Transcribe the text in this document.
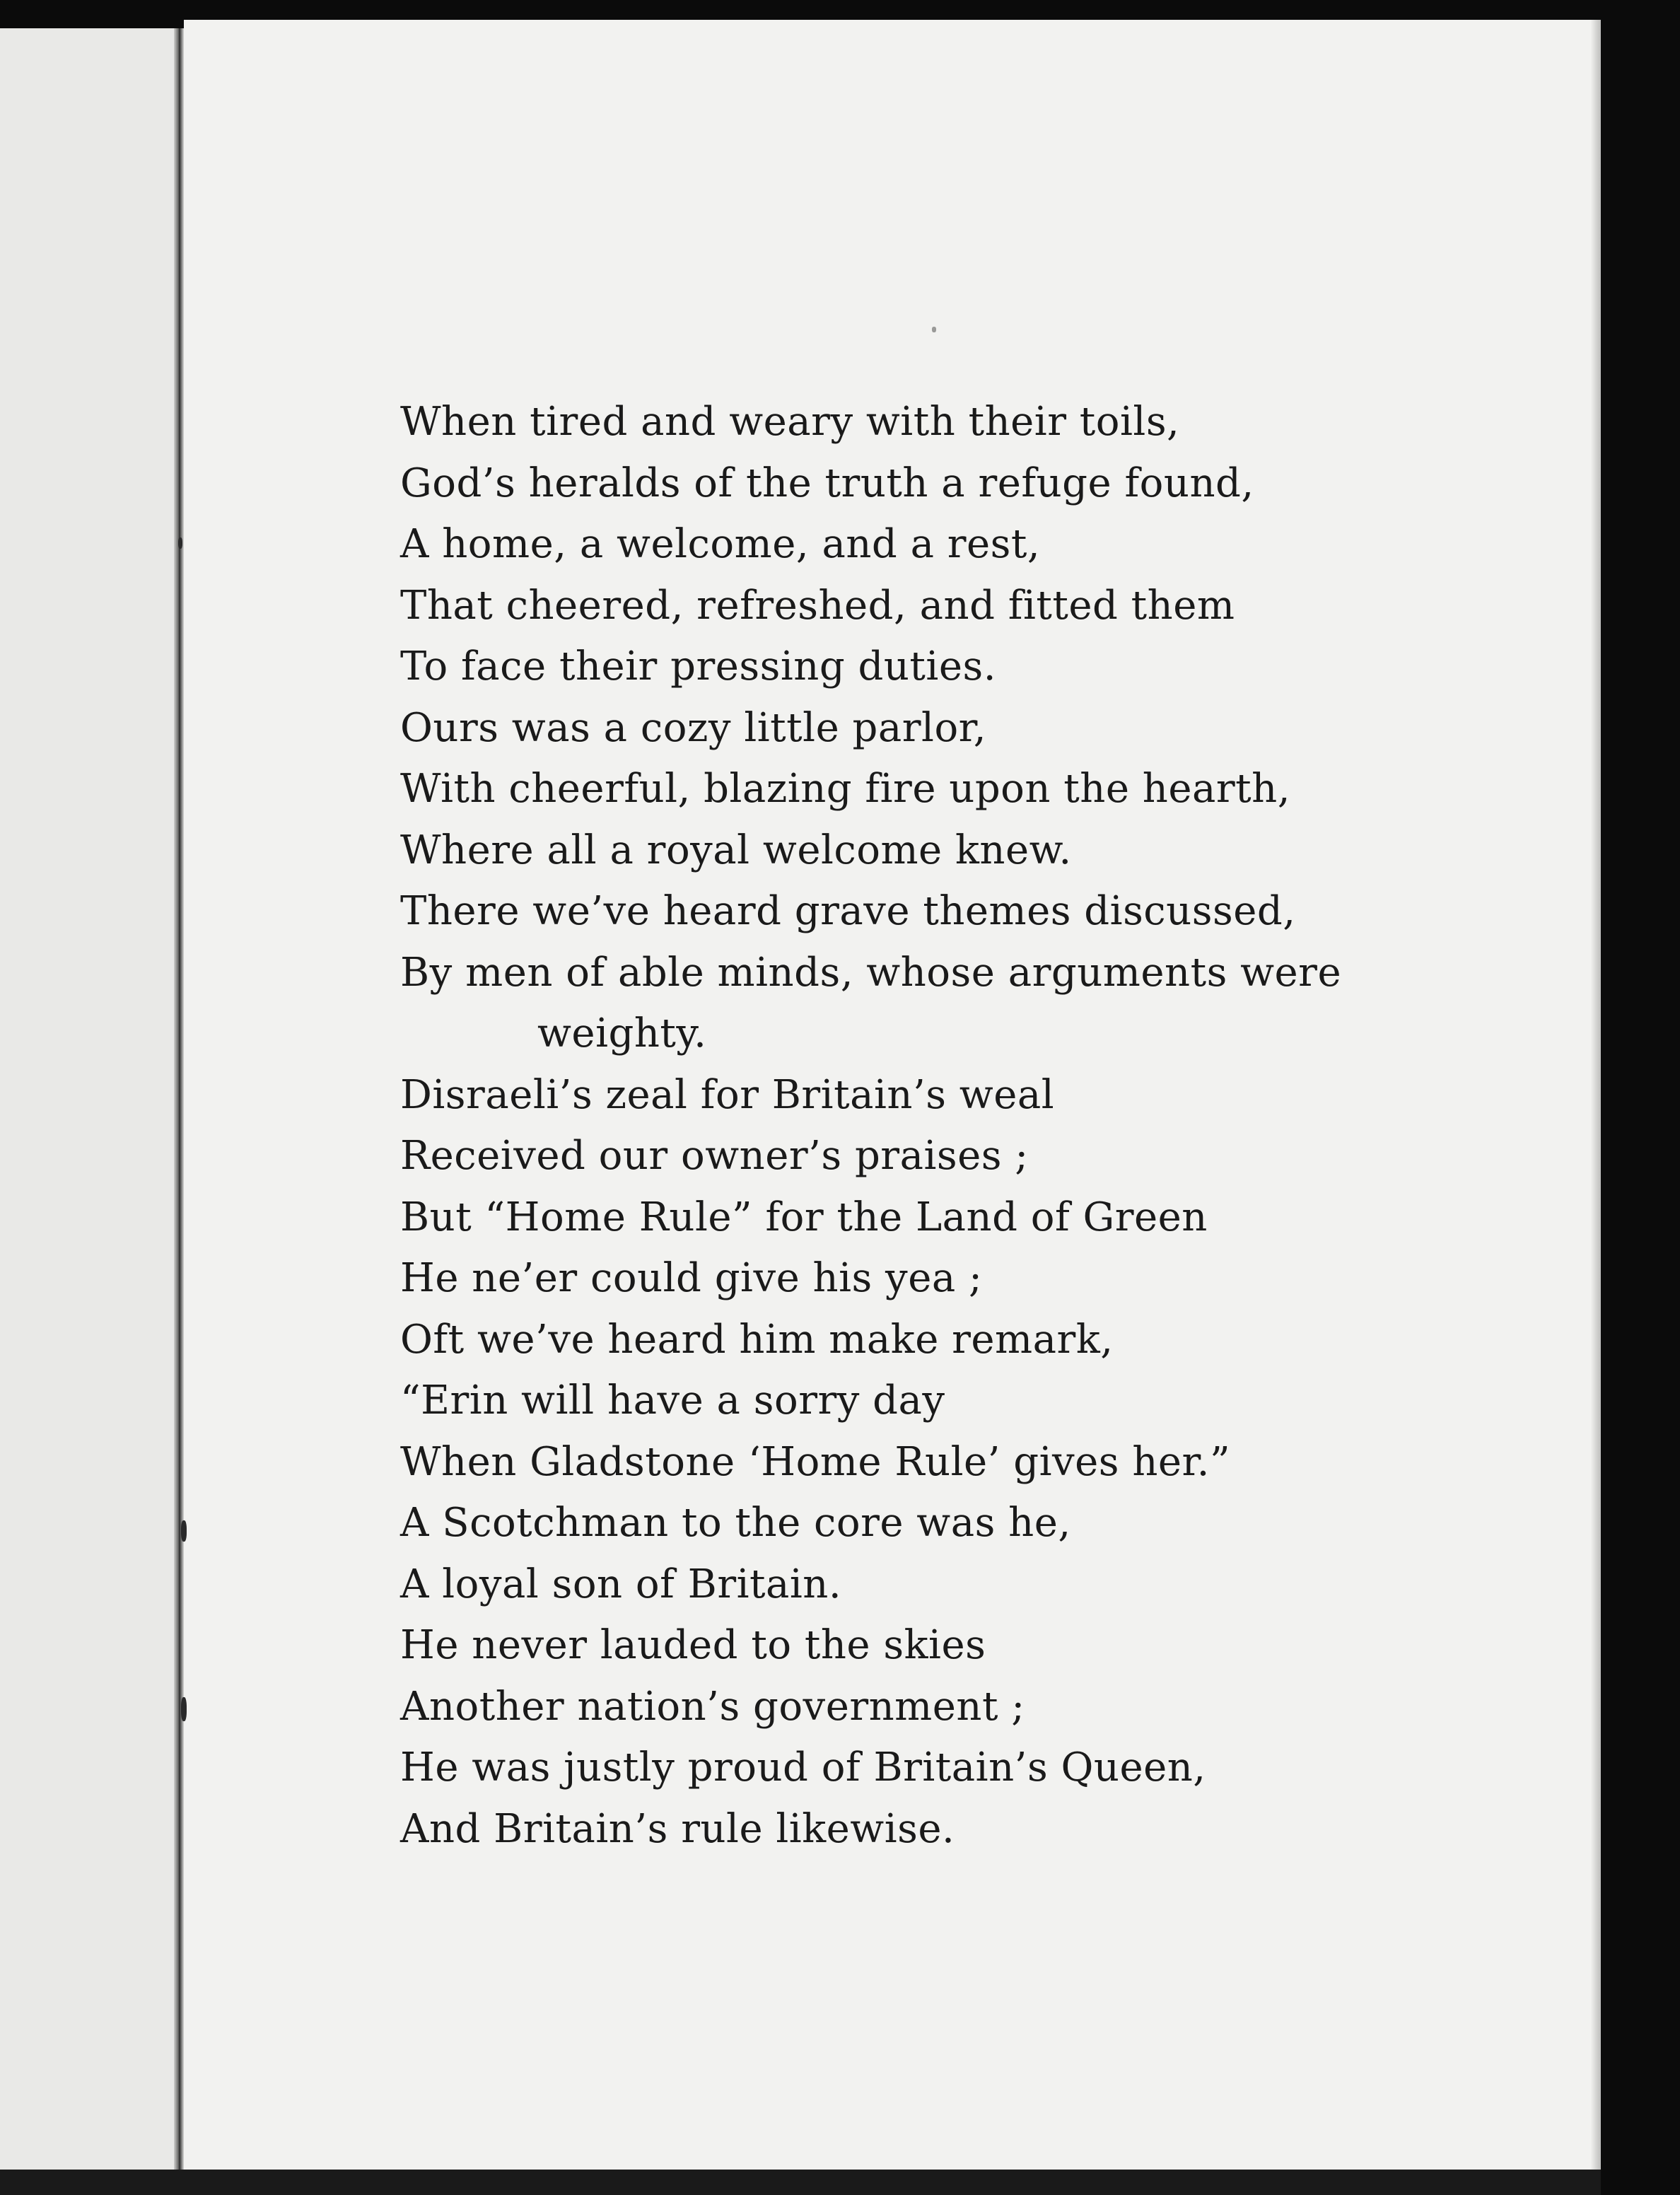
When tired and weary with their toils,
God’s heralds of the truth a refuge found,
A home, a welcome, and a rest,
That cheered, refreshed, and fitted them
To face their pressing duties.
Ours was a cozy little parlor,
With cheerful, blazing fire upon the hearth,
Where all a royal welcome knew.
There we’ve heard grave themes discussed,
By men of able minds, whose arguments were
weighty.
Disraeli’s zeal for Britain’s weal
Received our owner’s praises ;
But “Home Rule” for the Land of Green
He ne’er could give his yea ;
Oft we’ve heard him make remark,
“Erin will have a sorry day
When Gladstone ‘Home Rule’ gives her.”
A Scotchman to the core was he,
A loyal son of Britain.
He never lauded to the skies
Another nation’s government ;
He was justly proud of Britain’s Queen,
And Britain’s rule likewise.
